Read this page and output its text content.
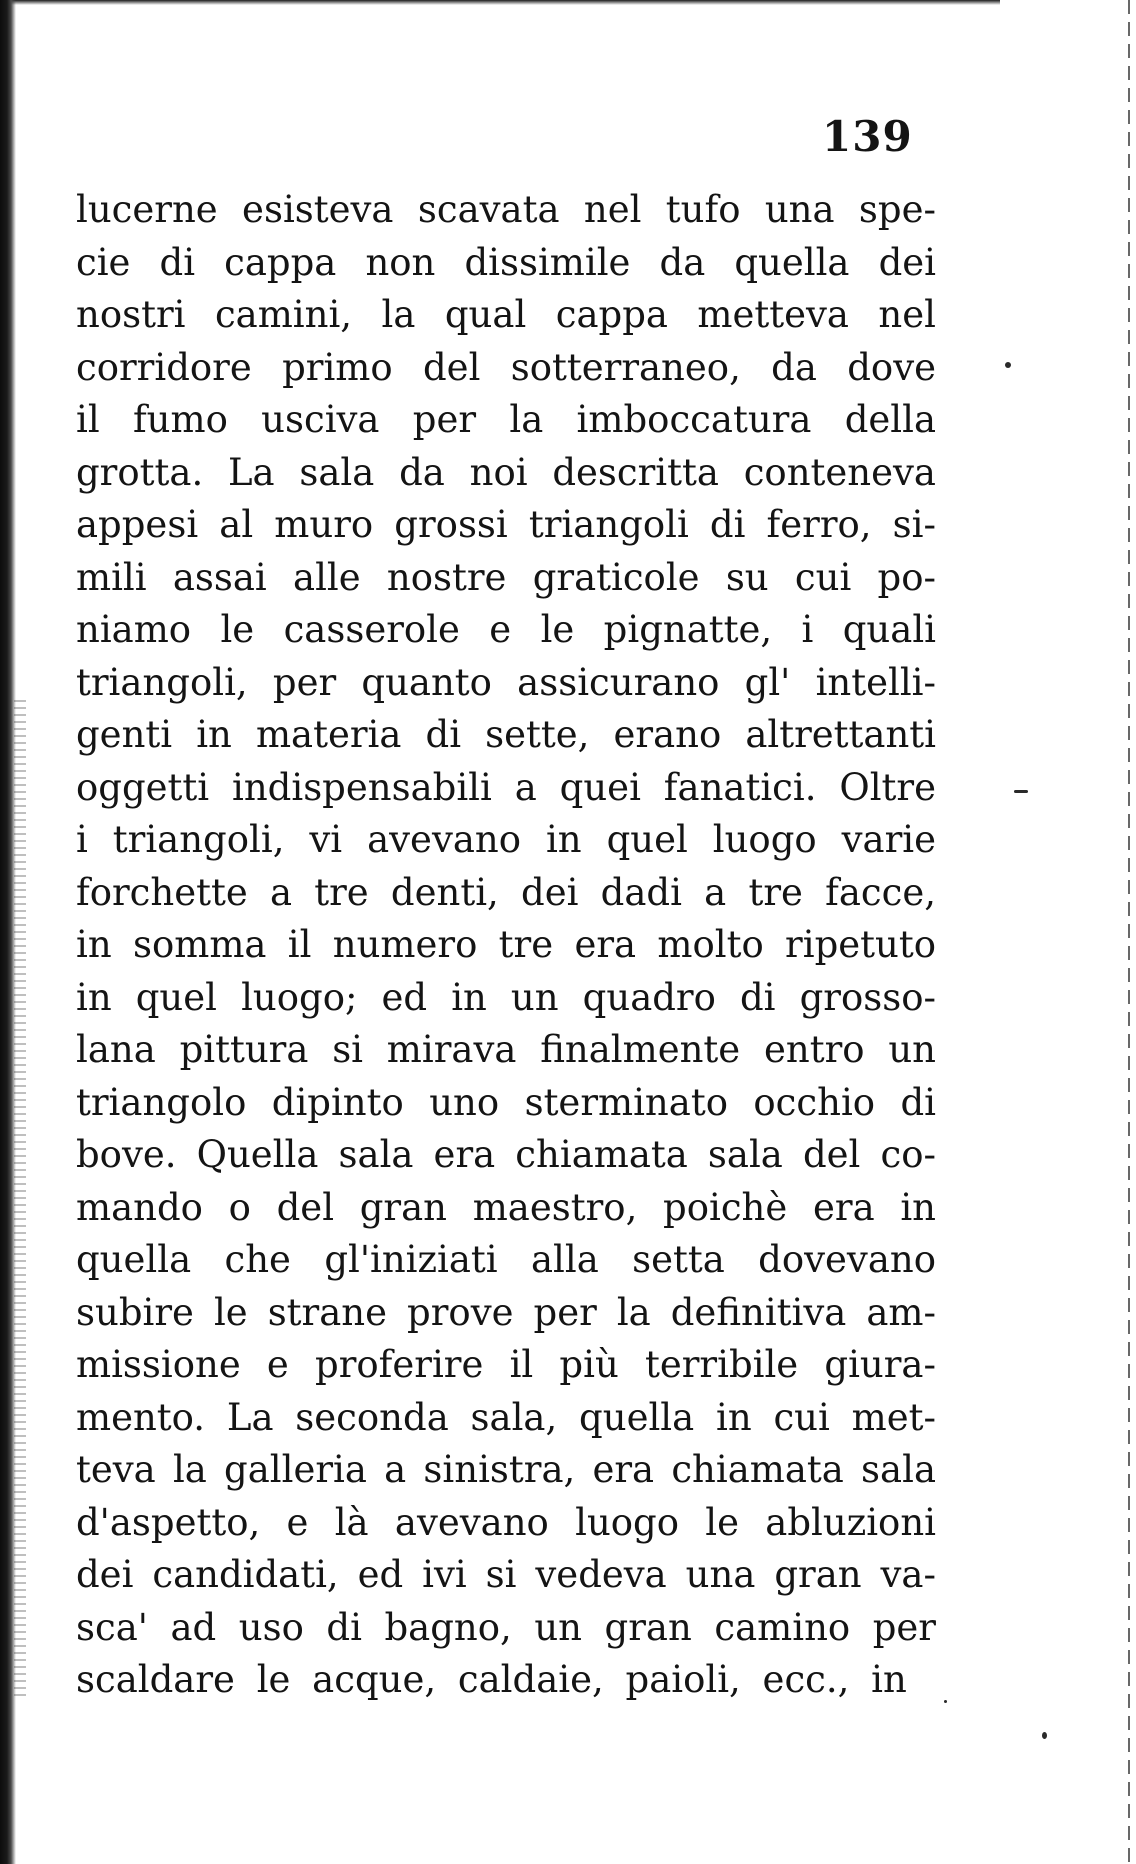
139
lucerne esisteva scavata nel tufo una spe-
cie di cappa non dissimile da quella dei
nostri camini, la qual cappa metteva nel
corridore primo del sotterraneo, da dove
il fumo usciva per la imboccatura della
grotta. La sala da noi descritta conteneva
appesi al muro grossi triangoli di ferro, si-
mili assai alle nostre graticole su cui po-
niamo le casserole e le pignatte, i quali
triangoli, per quanto assicurano gl' intelli-
genti in materia di sette, erano altrettanti
oggetti indispensabili a quei fanatici. Oltre
i triangoli, vi avevano in quel luogo varie
forchette a tre denti, dei dadi a tre facce,
in somma il numero tre era molto ripetuto
in quel luogo; ed in un quadro di grosso-
lana pittura si mirava finalmente entro un
triangolo dipinto uno sterminato occhio di
bove. Quella sala era chiamata sala del co-
mando o del gran maestro, poichè era in
quella che gl'iniziati alla setta dovevano
subire le strane prove per la definitiva am-
missione e proferire il più terribile giura-
mento. La seconda sala, quella in cui met-
teva la galleria a sinistra, era chiamata sala
d'aspetto, e là avevano luogo le abluzioni
dei candidati, ed ivi si vedeva una gran va-
sca' ad uso di bagno, un gran camino per
scaldare le acque, caldaie, paioli, ecc., in
